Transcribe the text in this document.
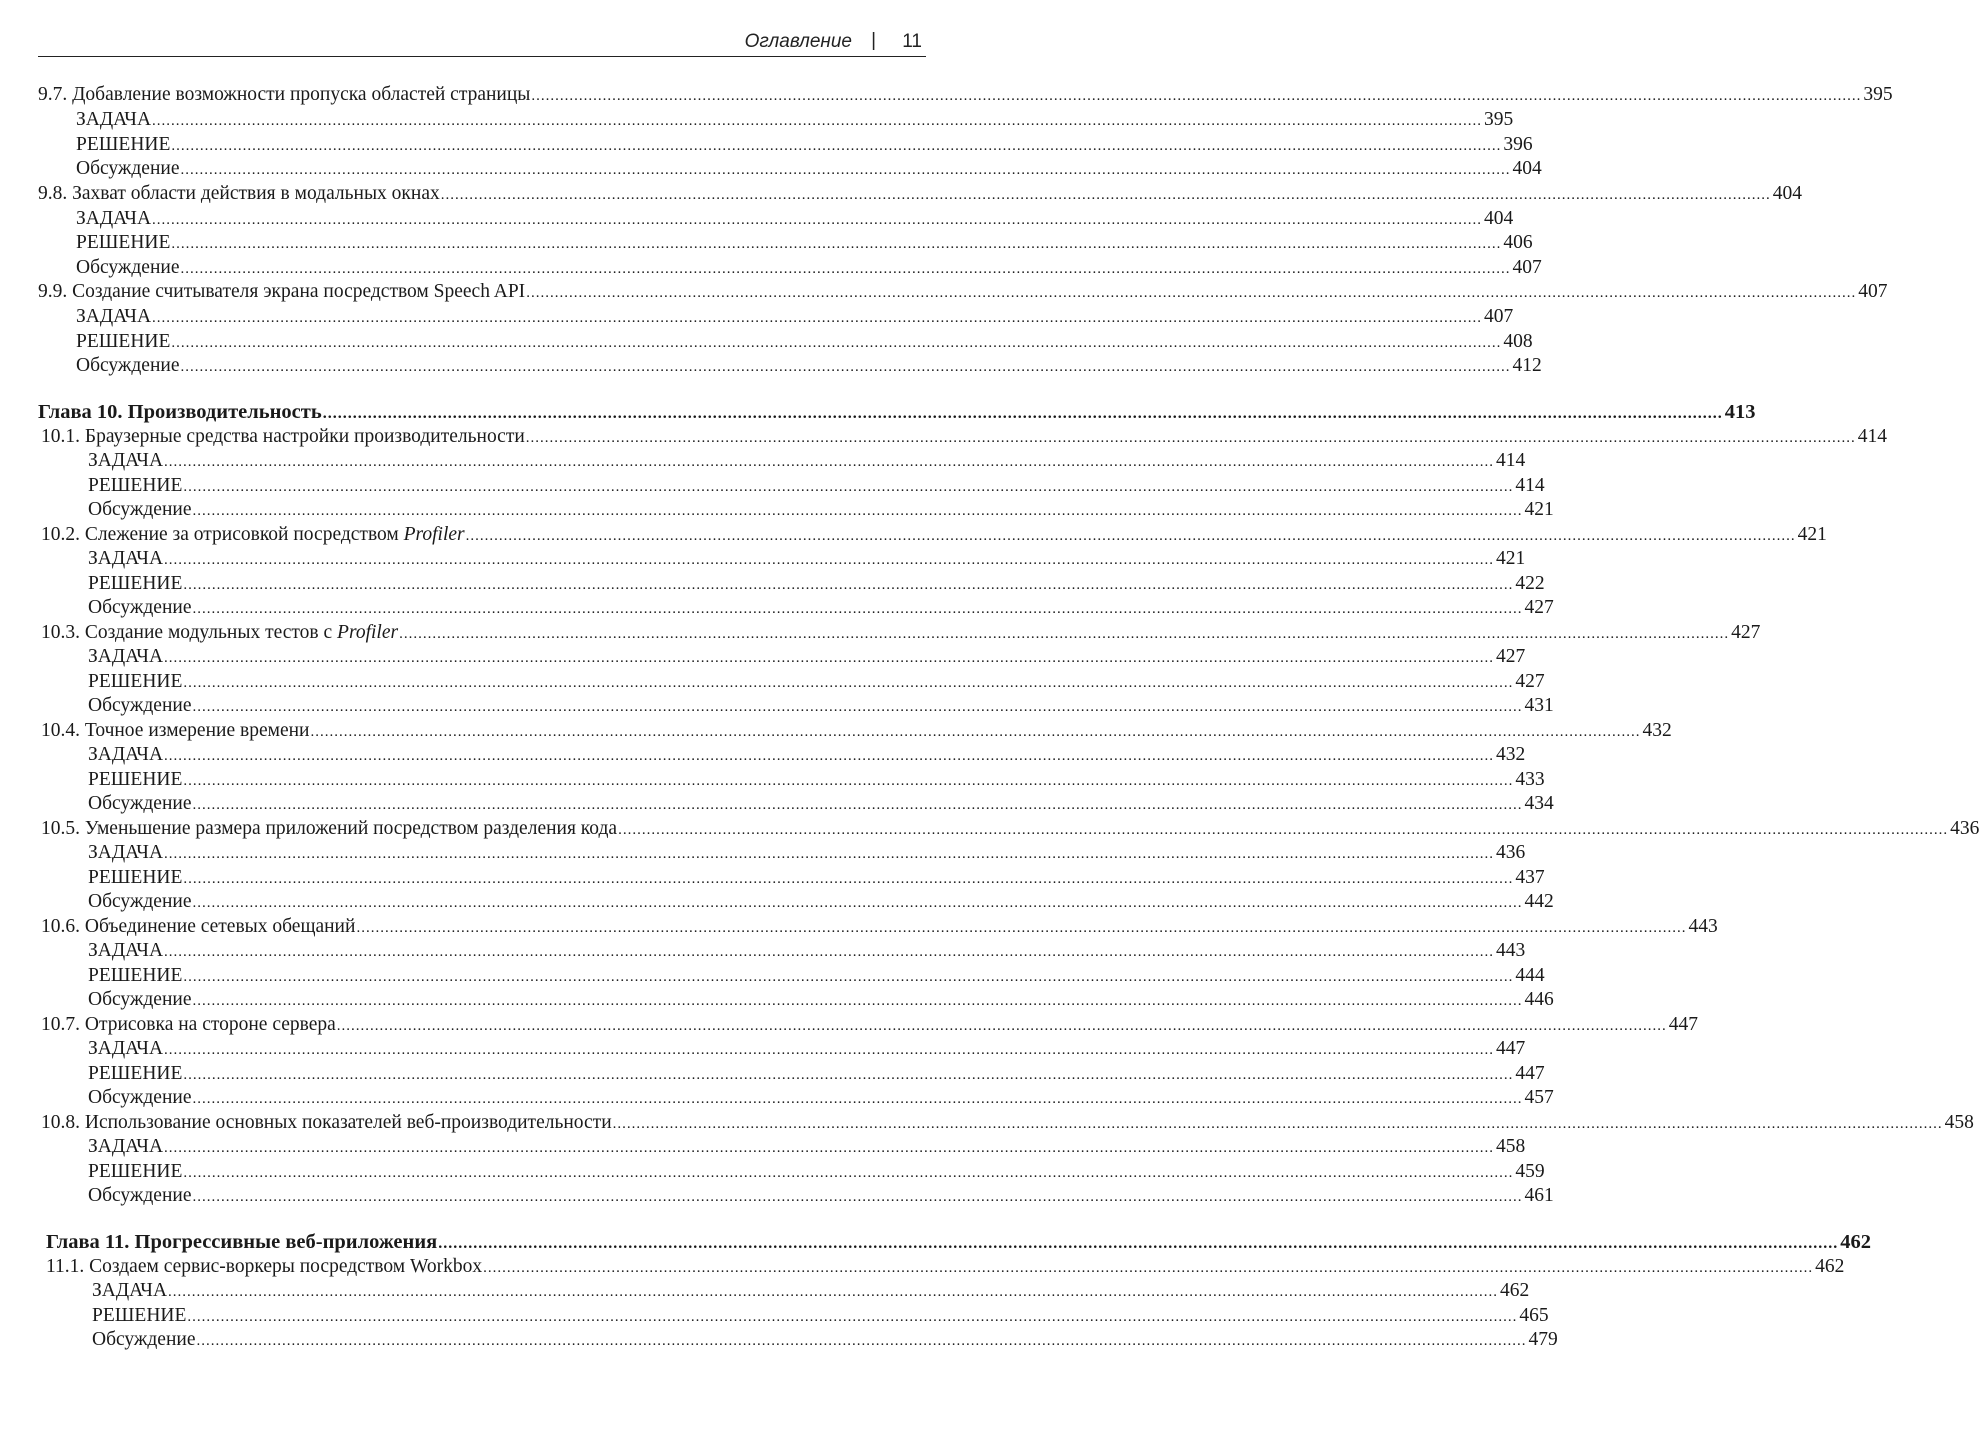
Оглавление | 11
9.7. Добавление возможности пропуска областей страницы ........................................................................................................................................................................................................................................................................................ 395
ЗАДАЧА ........................................................................................................................................................................................................................................................................................ 395
РЕШЕНИЕ ........................................................................................................................................................................................................................................................................................ 396
Обсуждение ........................................................................................................................................................................................................................................................................................ 404
9.8. Захват области действия в модальных окнах ........................................................................................................................................................................................................................................................................................ 404
ЗАДАЧА ........................................................................................................................................................................................................................................................................................ 404
РЕШЕНИЕ ........................................................................................................................................................................................................................................................................................ 406
Обсуждение ........................................................................................................................................................................................................................................................................................ 407
9.9. Создание считывателя экрана посредством Speech API ........................................................................................................................................................................................................................................................................................ 407
ЗАДАЧА ........................................................................................................................................................................................................................................................................................ 407
РЕШЕНИЕ ........................................................................................................................................................................................................................................................................................ 408
Обсуждение ........................................................................................................................................................................................................................................................................................ 412
Глава 10. Производительность ........................................................................................................................................................................................................................................................................................ 413
10.1. Браузерные средства настройки производительности ........................................................................................................................................................................................................................................................................................ 414
ЗАДАЧА ........................................................................................................................................................................................................................................................................................ 414
РЕШЕНИЕ ........................................................................................................................................................................................................................................................................................ 414
Обсуждение ........................................................................................................................................................................................................................................................................................ 421
10.2. Слежение за отрисовкой посредством Profiler ........................................................................................................................................................................................................................................................................................ 421
ЗАДАЧА ........................................................................................................................................................................................................................................................................................ 421
РЕШЕНИЕ ........................................................................................................................................................................................................................................................................................ 422
Обсуждение ........................................................................................................................................................................................................................................................................................ 427
10.3. Создание модульных тестов с Profiler ........................................................................................................................................................................................................................................................................................ 427
ЗАДАЧА ........................................................................................................................................................................................................................................................................................ 427
РЕШЕНИЕ ........................................................................................................................................................................................................................................................................................ 427
Обсуждение ........................................................................................................................................................................................................................................................................................ 431
10.4. Точное измерение времени ........................................................................................................................................................................................................................................................................................ 432
ЗАДАЧА ........................................................................................................................................................................................................................................................................................ 432
РЕШЕНИЕ ........................................................................................................................................................................................................................................................................................ 433
Обсуждение ........................................................................................................................................................................................................................................................................................ 434
10.5. Уменьшение размера приложений посредством разделения кода ........................................................................................................................................................................................................................................................................................ 436
ЗАДАЧА ........................................................................................................................................................................................................................................................................................ 436
РЕШЕНИЕ ........................................................................................................................................................................................................................................................................................ 437
Обсуждение ........................................................................................................................................................................................................................................................................................ 442
10.6. Объединение сетевых обещаний ........................................................................................................................................................................................................................................................................................ 443
ЗАДАЧА ........................................................................................................................................................................................................................................................................................ 443
РЕШЕНИЕ ........................................................................................................................................................................................................................................................................................ 444
Обсуждение ........................................................................................................................................................................................................................................................................................ 446
10.7. Отрисовка на стороне сервера ........................................................................................................................................................................................................................................................................................ 447
ЗАДАЧА ........................................................................................................................................................................................................................................................................................ 447
РЕШЕНИЕ ........................................................................................................................................................................................................................................................................................ 447
Обсуждение ........................................................................................................................................................................................................................................................................................ 457
10.8. Использование основных показателей веб-производительности ........................................................................................................................................................................................................................................................................................ 458
ЗАДАЧА ........................................................................................................................................................................................................................................................................................ 458
РЕШЕНИЕ ........................................................................................................................................................................................................................................................................................ 459
Обсуждение ........................................................................................................................................................................................................................................................................................ 461
Глава 11. Прогрессивные веб-приложения ........................................................................................................................................................................................................................................................................................ 462
11.1. Создаем сервис-воркеры посредством Workbox ........................................................................................................................................................................................................................................................................................ 462
ЗАДАЧА ........................................................................................................................................................................................................................................................................................ 462
РЕШЕНИЕ ........................................................................................................................................................................................................................................................................................ 465
Обсуждение ........................................................................................................................................................................................................................................................................................ 479
